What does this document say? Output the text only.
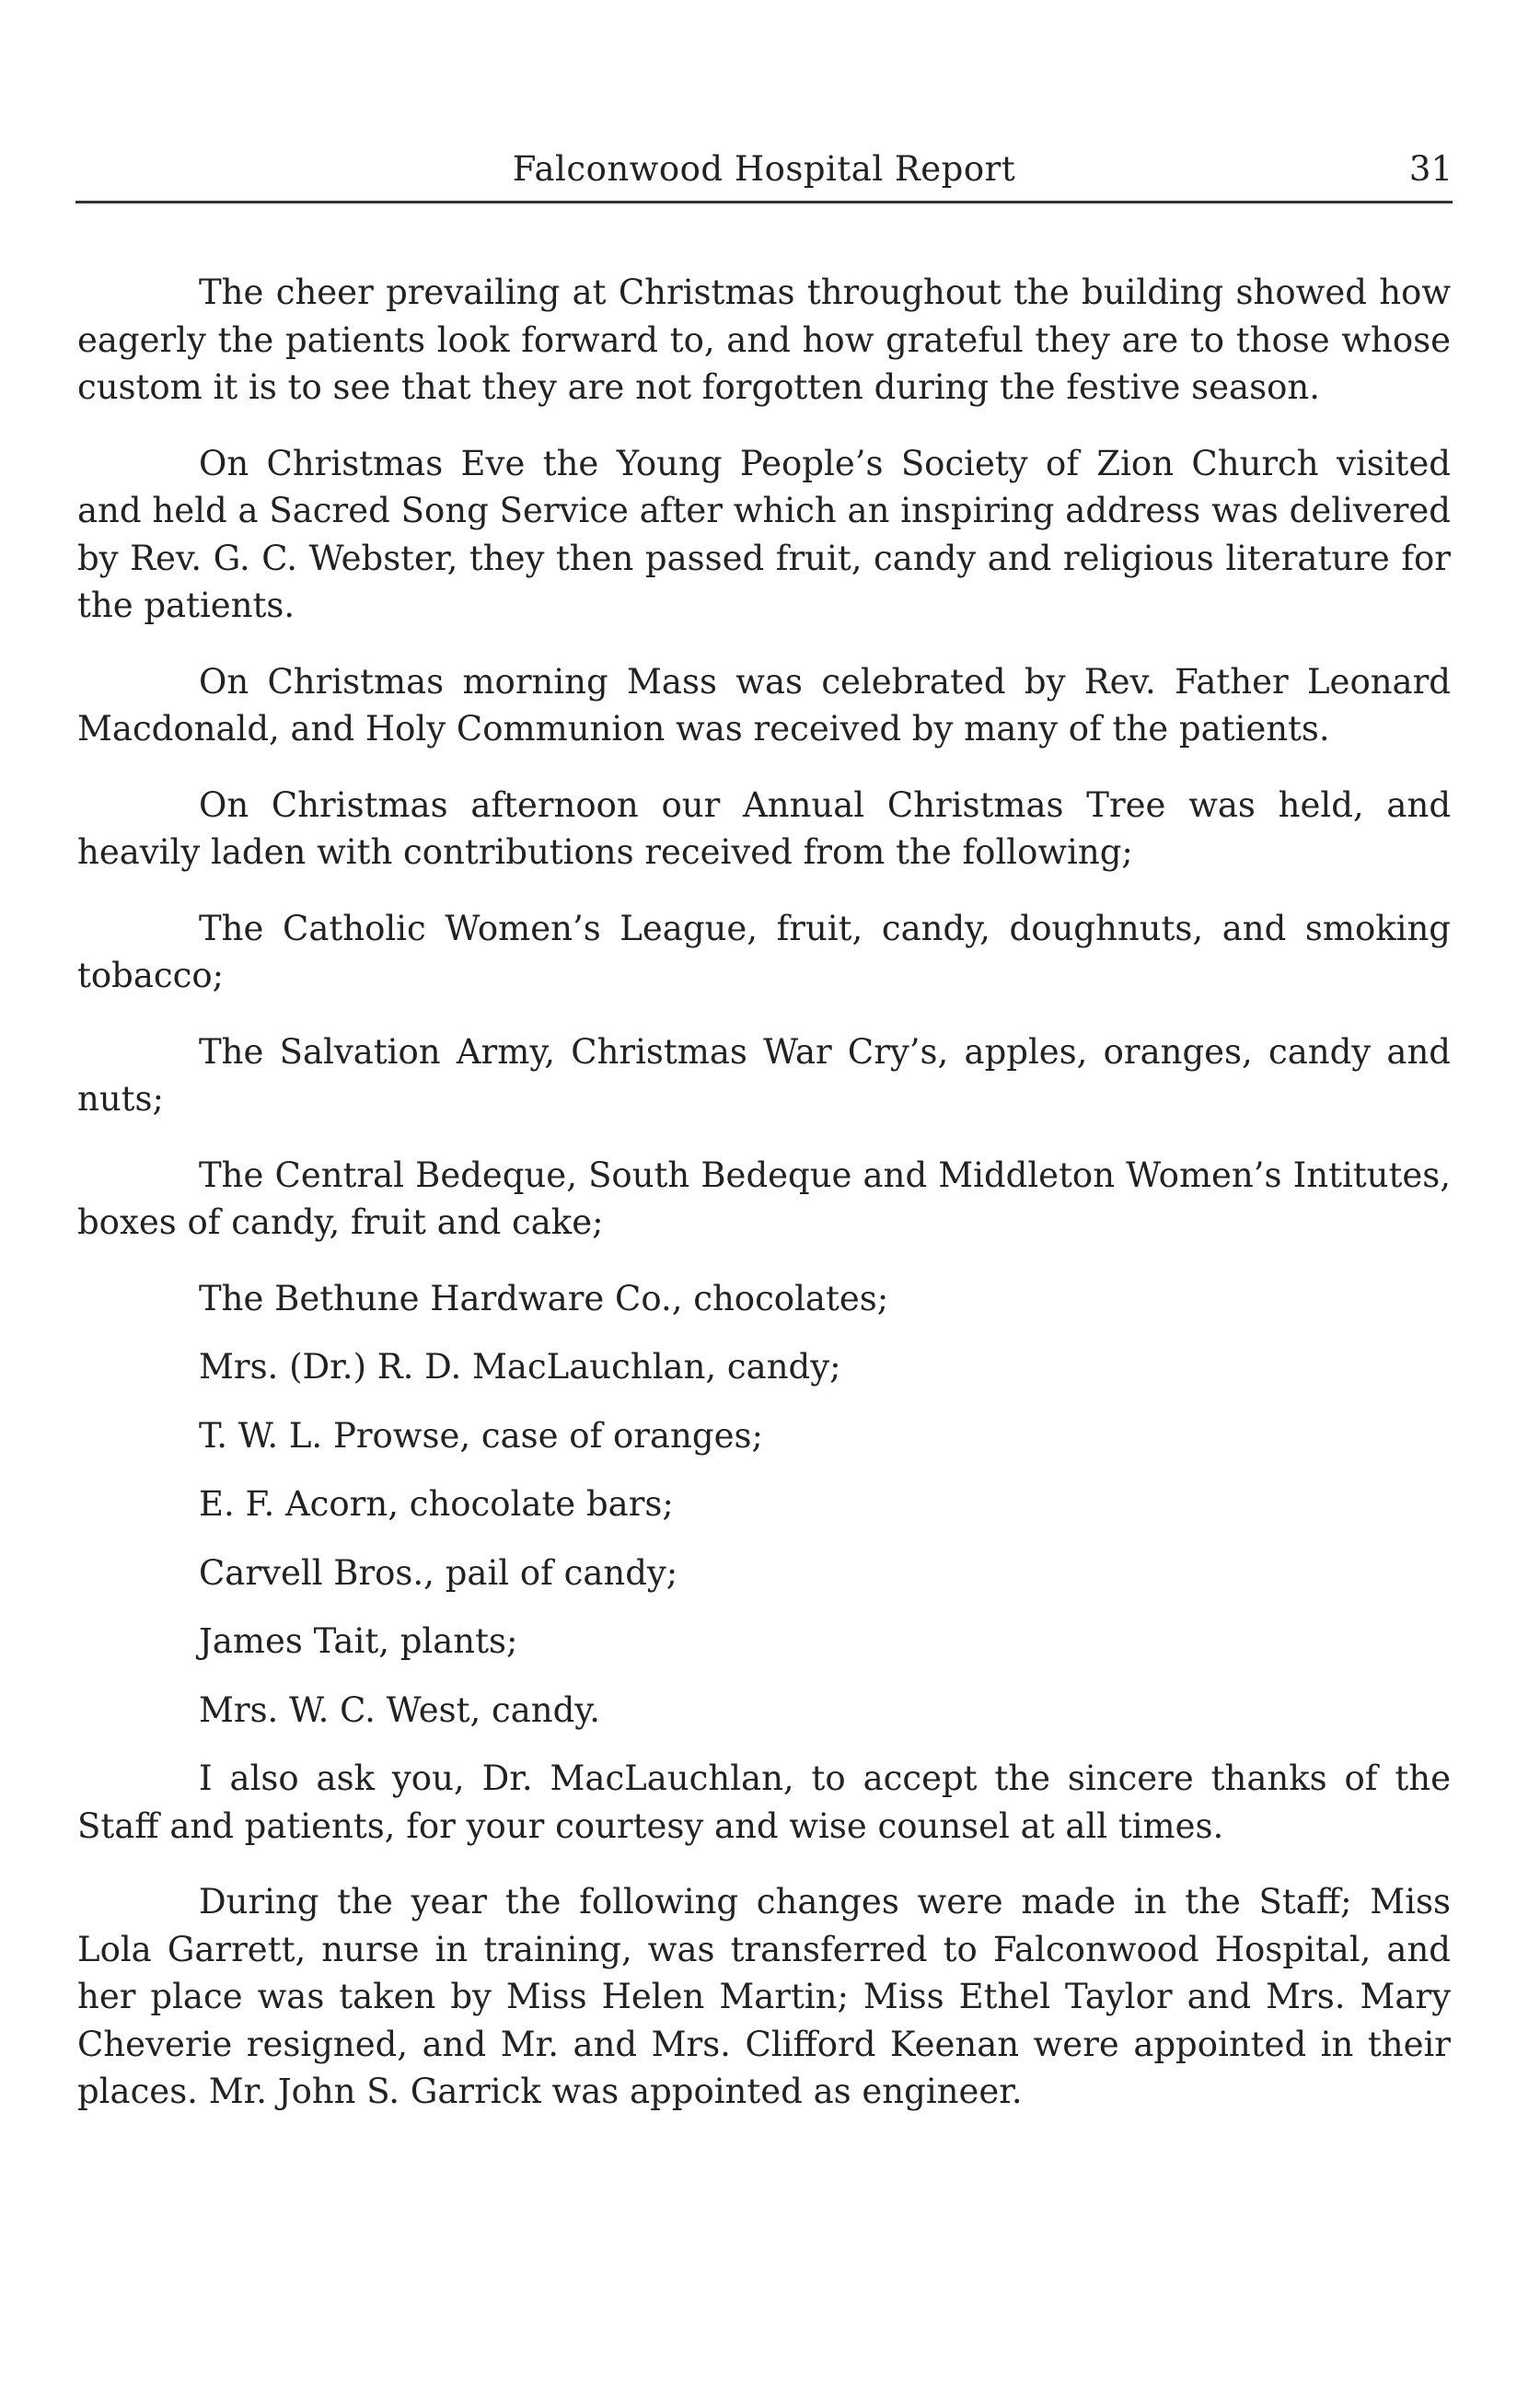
Falconwood Hospital Report	31

The cheer prevailing at Christmas throughout the building showed how eagerly the patients look forward to, and how grateful they are to those whose custom it is to see that they are not forgotten during the festive season.

On Christmas Eve the Young People’s Society of Zion Church visited and held a Sacred Song Service after which an inspiring address was delivered by Rev. G. C. Webster, they then passed fruit, candy and religious literature for the patients.

On Christmas morning Mass was celebrated by Rev. Father Leonard Macdonald, and Holy Communion was received by many of the patients.

On Christmas afternoon our Annual Christmas Tree was held, and heavily laden with contributions received from the following;

The Catholic Women’s League, fruit, candy, doughnuts, and smoking tobacco;

The Salvation Army, Christmas War Cry’s, apples, oranges, candy and nuts;

The Central Bedeque, South Bedeque and Middleton Women’s Intitutes, boxes of candy, fruit and cake;

The Bethune Hardware Co., chocolates;

Mrs. (Dr.) R. D. MacLauchlan, candy;

T. W. L. Prowse, case of oranges;

E. F. Acorn, chocolate bars;

Carvell Bros., pail of candy;

James Tait, plants;

Mrs. W. C. West, candy.

I also ask you, Dr. MacLauchlan, to accept the sincere thanks of the Staff and patients, for your courtesy and wise counsel at all times.

During the year the following changes were made in the Staff; Miss Lola Garrett, nurse in training, was transferred to Falconwood Hospital, and her place was taken by Miss Helen Martin; Miss Ethel Taylor and Mrs. Mary Cheverie resigned, and Mr. and Mrs. Clifford Keenan were appointed in their places. Mr. John S. Garrick was appointed as engineer.
